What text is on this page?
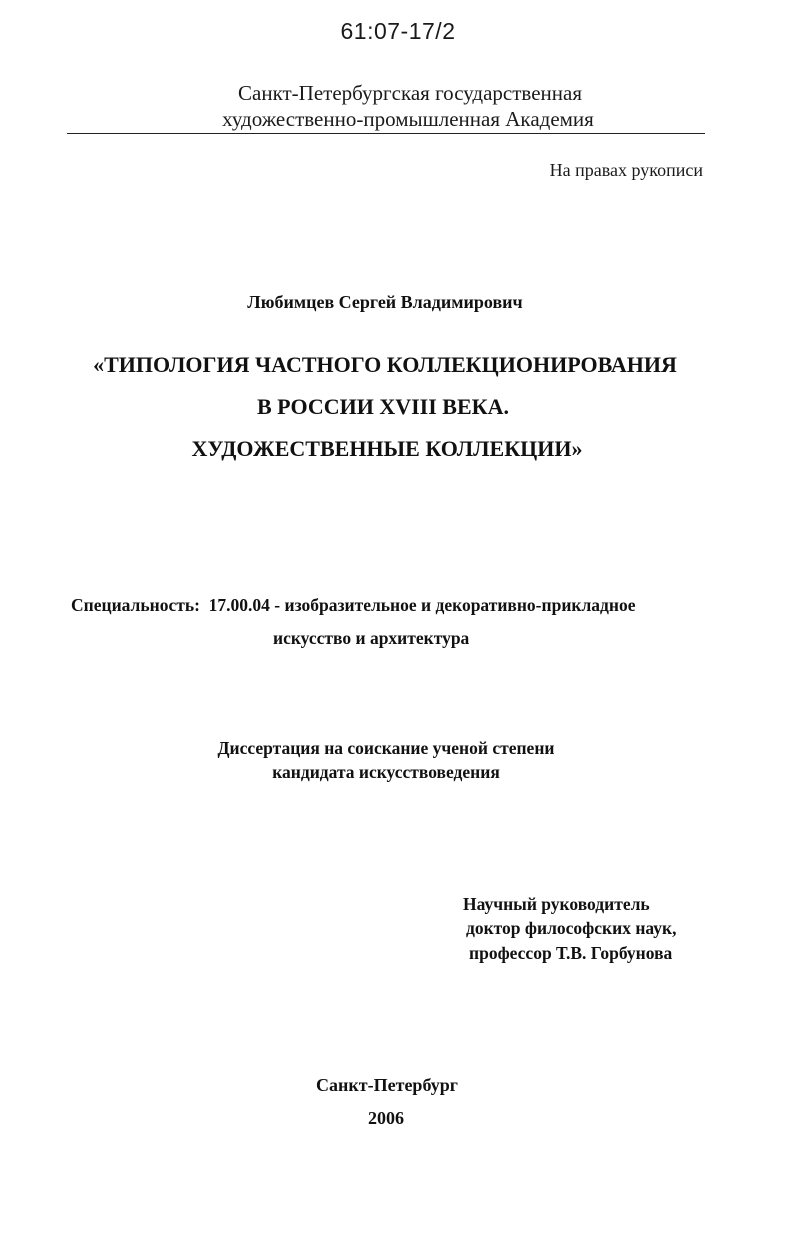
61:07-17/2
Санкт-Петербургская государственная
художественно-промышленная Академия
На правах рукописи
Любимцев Сергей Владимирович
«ТИПОЛОГИЯ ЧАСТНОГО КОЛЛЕКЦИОНИРОВАНИЯ
В РОССИИ XVIII ВЕКА.
ХУДОЖЕСТВЕННЫЕ КОЛЛЕКЦИИ»
Специальность:  17.00.04 - изобразительное и декоративно-прикладное
искусство и архитектура
Диссертация на соискание ученой степени
кандидата искусствоведения
Научный руководитель
доктор философских наук,
профессор Т.В. Горбунова
Санкт-Петербург
2006
